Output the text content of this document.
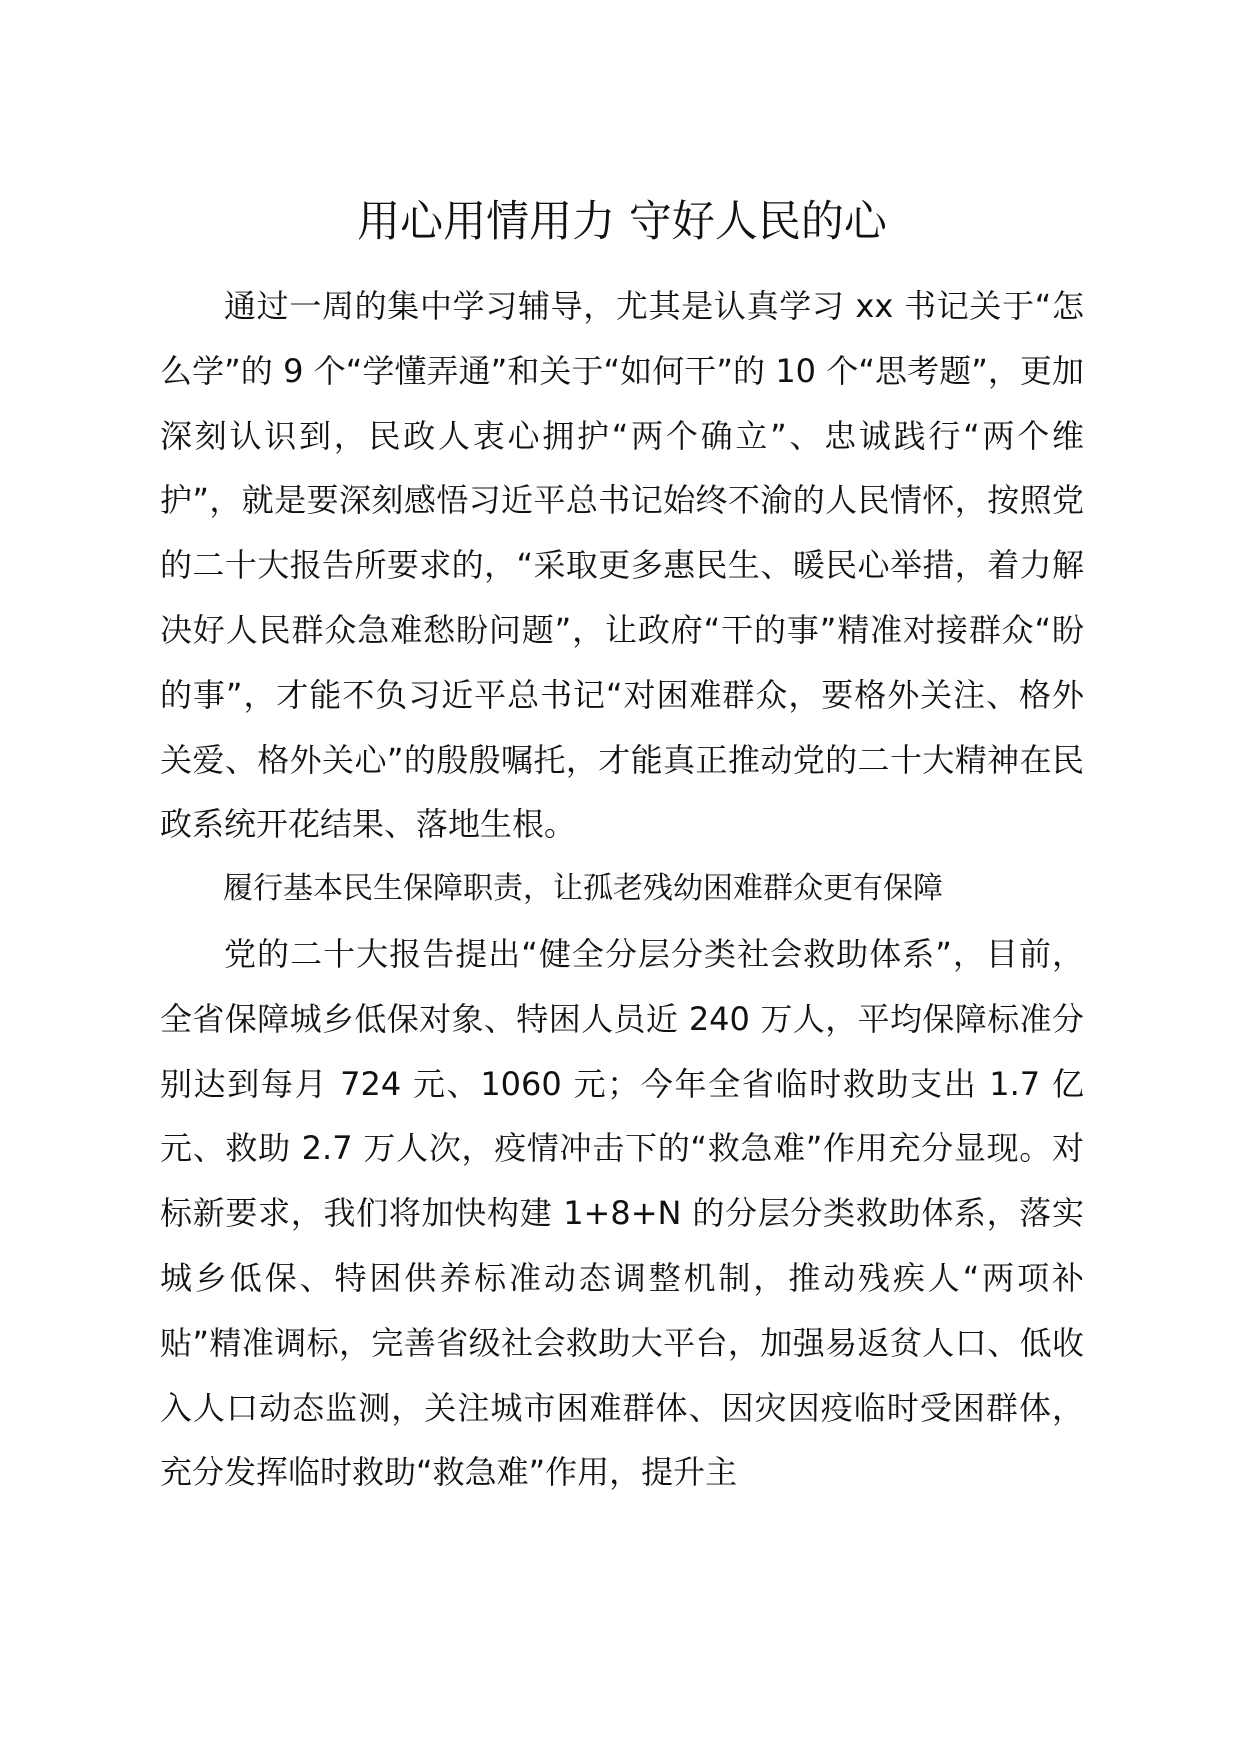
用心用情用力 守好人民的心

通过一周的集中学习辅导，尤其是认真学习 xx 书记关于“怎么学”的 9 个“学懂弄通”和关于“如何干”的 10 个“思考题”，更加深刻认识到，民政人衷心拥护“两个确立”、忠诚践行“两个维护”，就是要深刻感悟习近平总书记始终不渝的人民情怀，按照党的二十大报告所要求的，“采取更多惠民生、暖民心举措，着力解决好人民群众急难愁盼问题”，让政府“干的事”精准对接群众“盼的事”，才能不负习近平总书记“对困难群众，要格外关注、格外关爱、格外关心”的殷殷嘱托，才能真正推动党的二十大精神在民政系统开花结果、落地生根。

履行基本民生保障职责，让孤老残幼困难群众更有保障

党的二十大报告提出“健全分层分类社会救助体系”，目前，全省保障城乡低保对象、特困人员近 240 万人，平均保障标准分别达到每月 724 元、1060 元；今年全省临时救助支出 1.7 亿元、救助 2.7 万人次，疫情冲击下的“救急难”作用充分显现。对标新要求，我们将加快构建 1+8+N 的分层分类救助体系，落实城乡低保、特困供养标准动态调整机制，推动残疾人“两项补贴”精准调标，完善省级社会救助大平台，加强易返贫人口、低收入人口动态监测，关注城市困难群体、因灾因疫临时受困群体，充分发挥临时救助“救急难”作用，提升主
